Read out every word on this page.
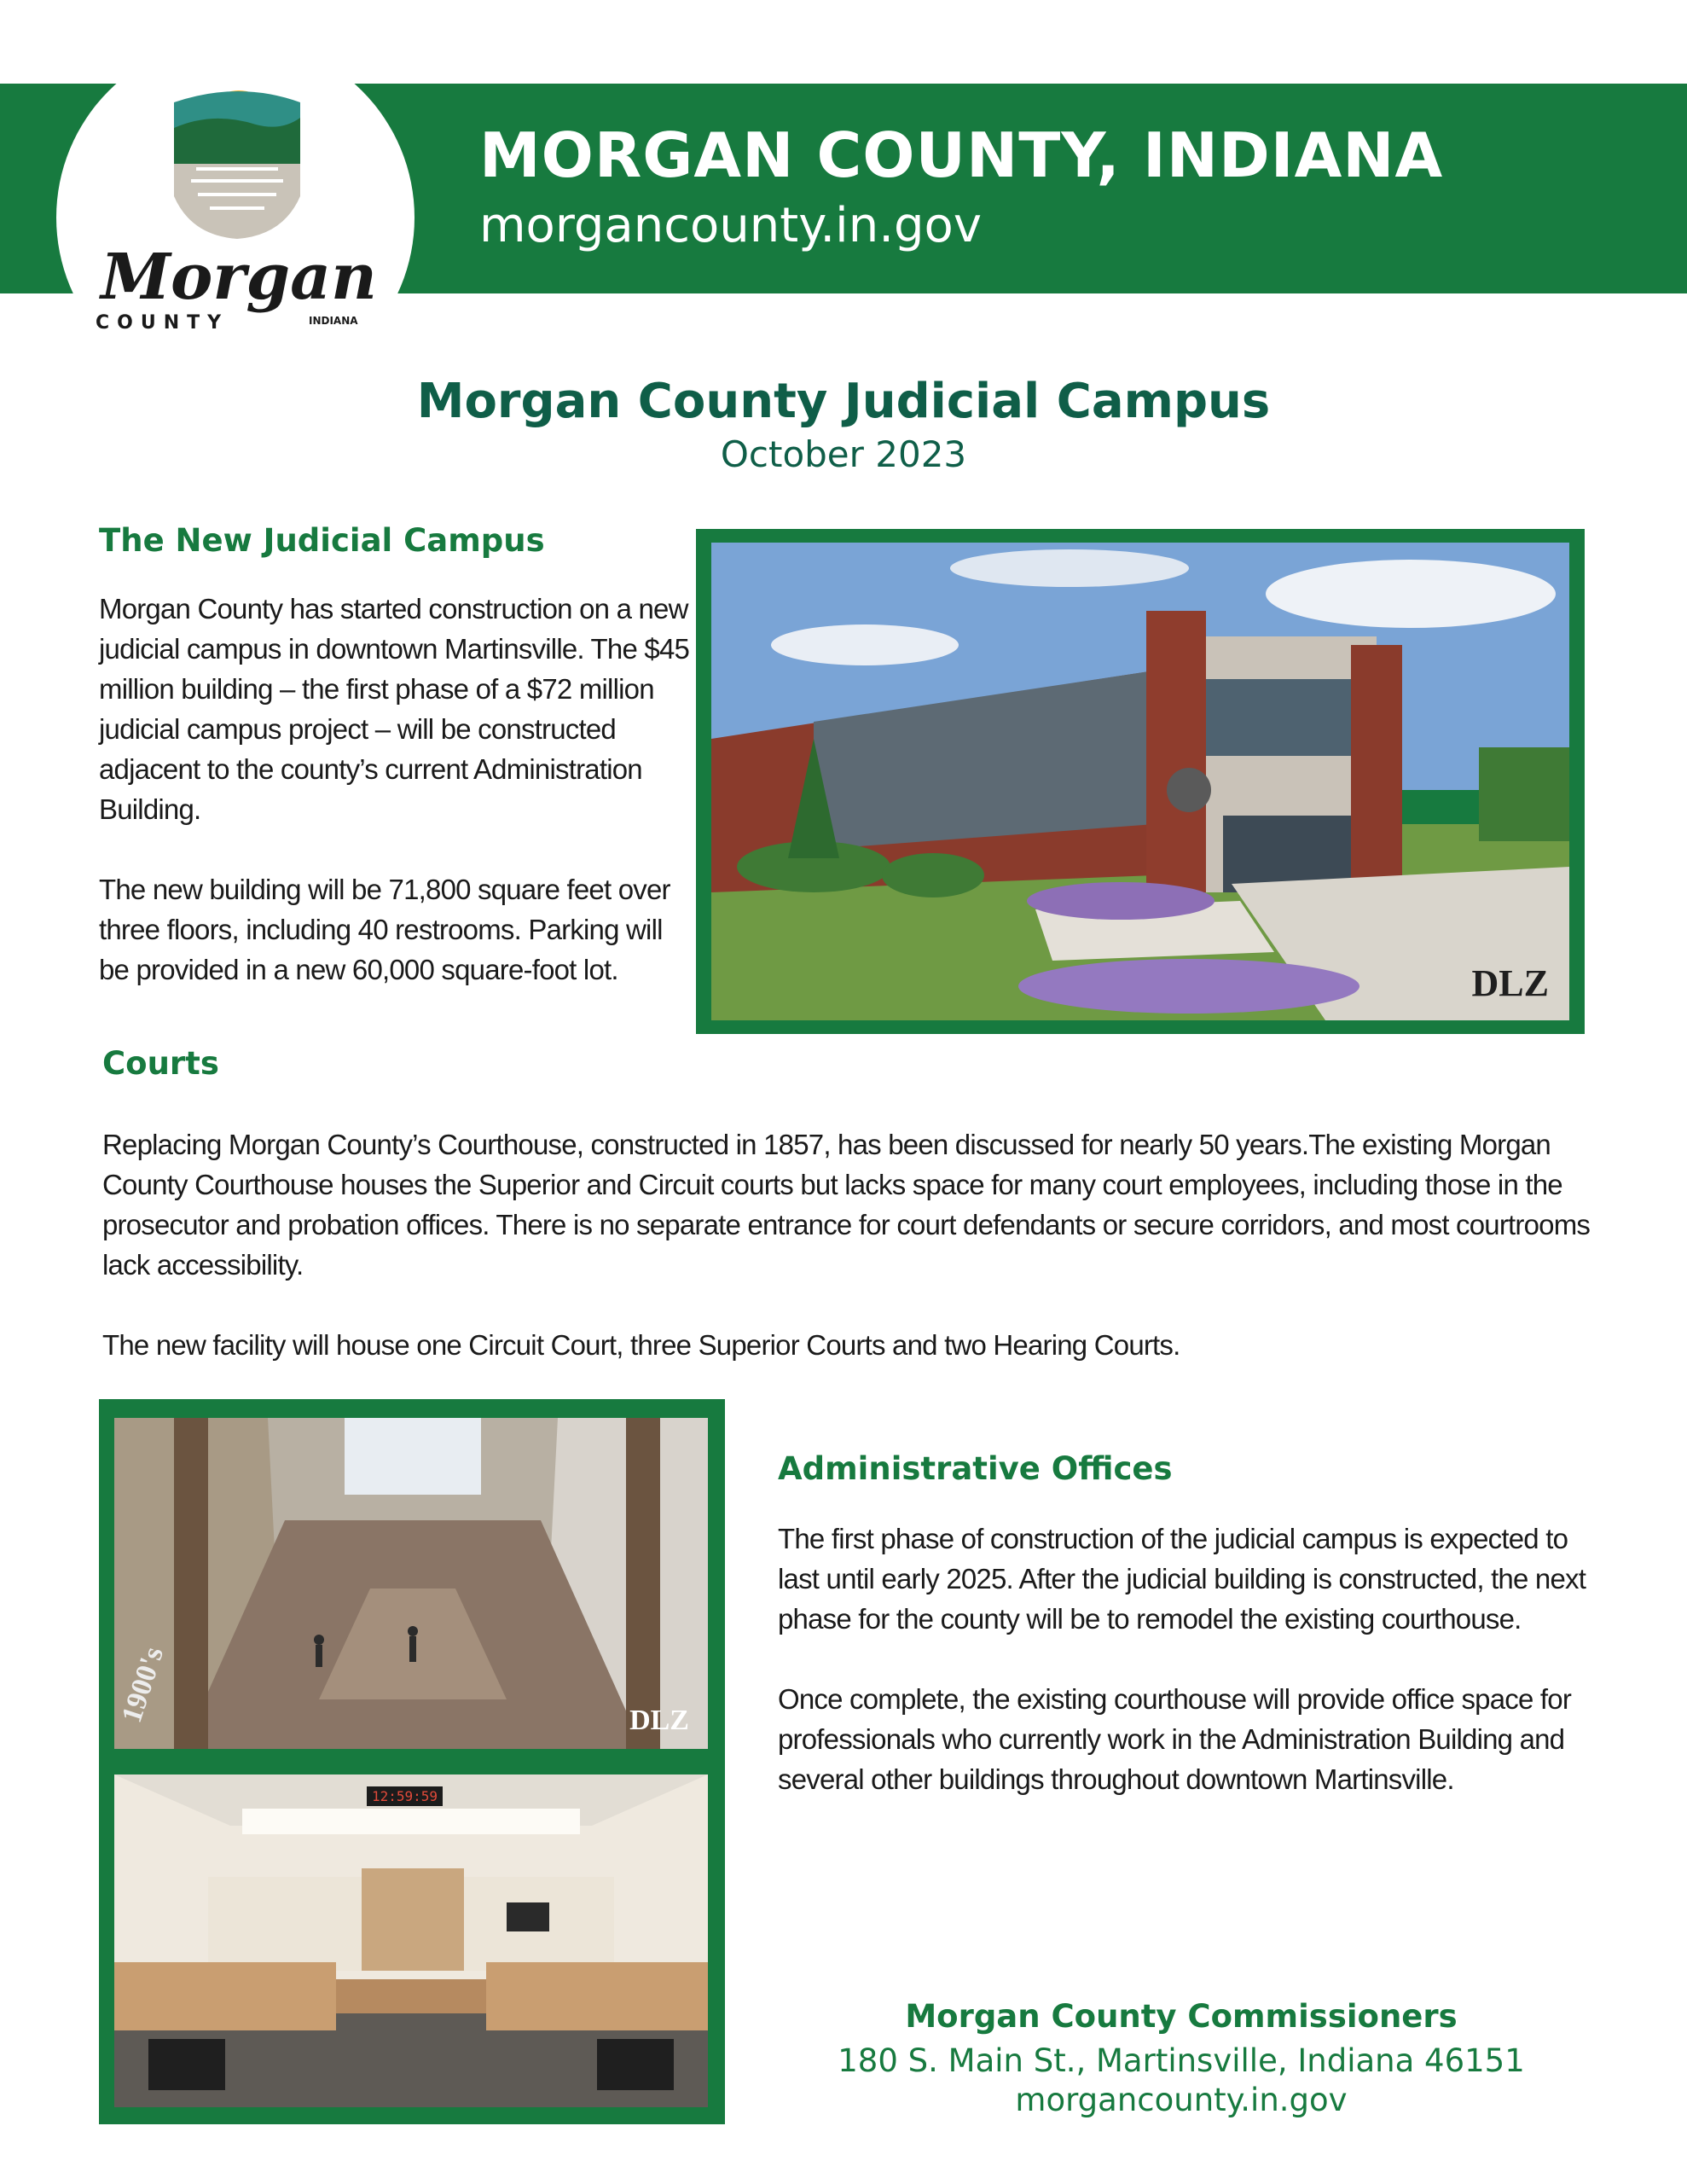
Morgan
COUNTY	INDIANA
MORGAN COUNTY, INDIANA
morgancounty.in.gov
Morgan County Judicial Campus
October 2023
The New Judicial Campus

Morgan County has started construction on a new judicial campus in downtown Martinsville. The $45 million building – the first phase of a $72 million judicial campus project – will be constructed adjacent to the county’s current Administration Building.

The new building will be 71,800 square feet over three floors, including 40 restrooms. Parking will be provided in a new 60,000 square-foot lot.	DLZ
Courts

Replacing Morgan County’s Courthouse, constructed in 1857, has been discussed for nearly 50 years.The existing Morgan County Courthouse houses the Superior and Circuit courts but lacks space for many court employees, including those in the prosecutor and probation offices. There is no separate entrance for court defendants or secure corridors, and most courtrooms lack accessibility.

The new facility will house one Circuit Court, three Superior Courts and two Hearing Courts.

1900's	DLZ
12:59:59
Administrative Offices

The first phase of construction of the judicial campus is expected to last until early 2025. After the judicial building is constructed, the next phase for the county will be to remodel the existing courthouse.

Once complete, the existing courthouse will provide office space for professionals who currently work in the Administration Building and several other buildings throughout downtown Martinsville.

Morgan County Commissioners
180 S. Main St., Martinsville, Indiana 46151
morgancounty.in.gov
